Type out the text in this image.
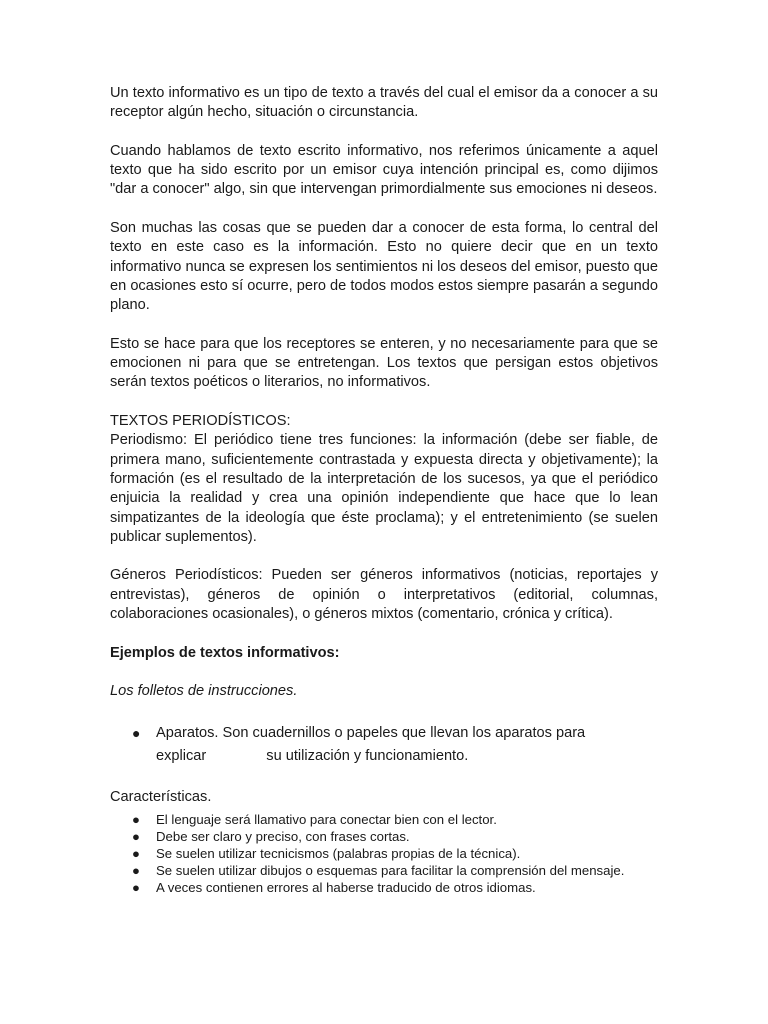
Un texto informativo es un tipo de texto a través del cual el emisor da a conocer a su receptor algún hecho, situación o circunstancia.

Cuando hablamos de texto escrito informativo, nos referimos únicamente a aquel texto que ha sido escrito por un emisor cuya intención principal es, como dijimos "dar a conocer" algo, sin que intervengan primordialmente sus emociones ni deseos.

Son muchas las cosas que se pueden dar a conocer de esta forma, lo central del texto en este caso es la información. Esto no quiere decir que en un texto informativo nunca se expresen los sentimientos ni los deseos del emisor, puesto que en ocasiones esto sí ocurre, pero de todos modos estos siempre pasarán a segundo plano.

Esto se hace para que los receptores se enteren, y no necesariamente para que se emocionen ni para que se entretengan. Los textos que persigan estos objetivos serán textos poéticos o literarios, no informativos.

TEXTOS PERIODÍSTICOS:
Periodismo: El periódico tiene tres funciones: la información (debe ser fiable, de primera mano, suficientemente contrastada y expuesta directa y objetivamente); la formación (es el resultado de la interpretación de los sucesos, ya que el periódico enjuicia la realidad y crea una opinión independiente que hace que lo lean simpatizantes de la ideología que éste proclama); y el entretenimiento (se suelen publicar suplementos).

Géneros Periodísticos: Pueden ser géneros informativos (noticias, reportajes y entrevistas), géneros de opinión o interpretativos (editorial, columnas, colaboraciones ocasionales), o géneros mixtos (comentario, crónica y crítica).

Ejemplos de textos informativos:

Los folletos de instrucciones.

● Aparatos. Son cuadernillos o papeles que llevan los aparatos para
explicar	su utilización y funcionamiento.

Características.

● El lenguaje será llamativo para conectar bien con el lector.
● Debe ser claro y preciso, con frases cortas.
● Se suelen utilizar tecnicismos (palabras propias de la técnica).
● Se suelen utilizar dibujos o esquemas para facilitar la comprensión del mensaje.
● A veces contienen errores al haberse traducido de otros idiomas.
